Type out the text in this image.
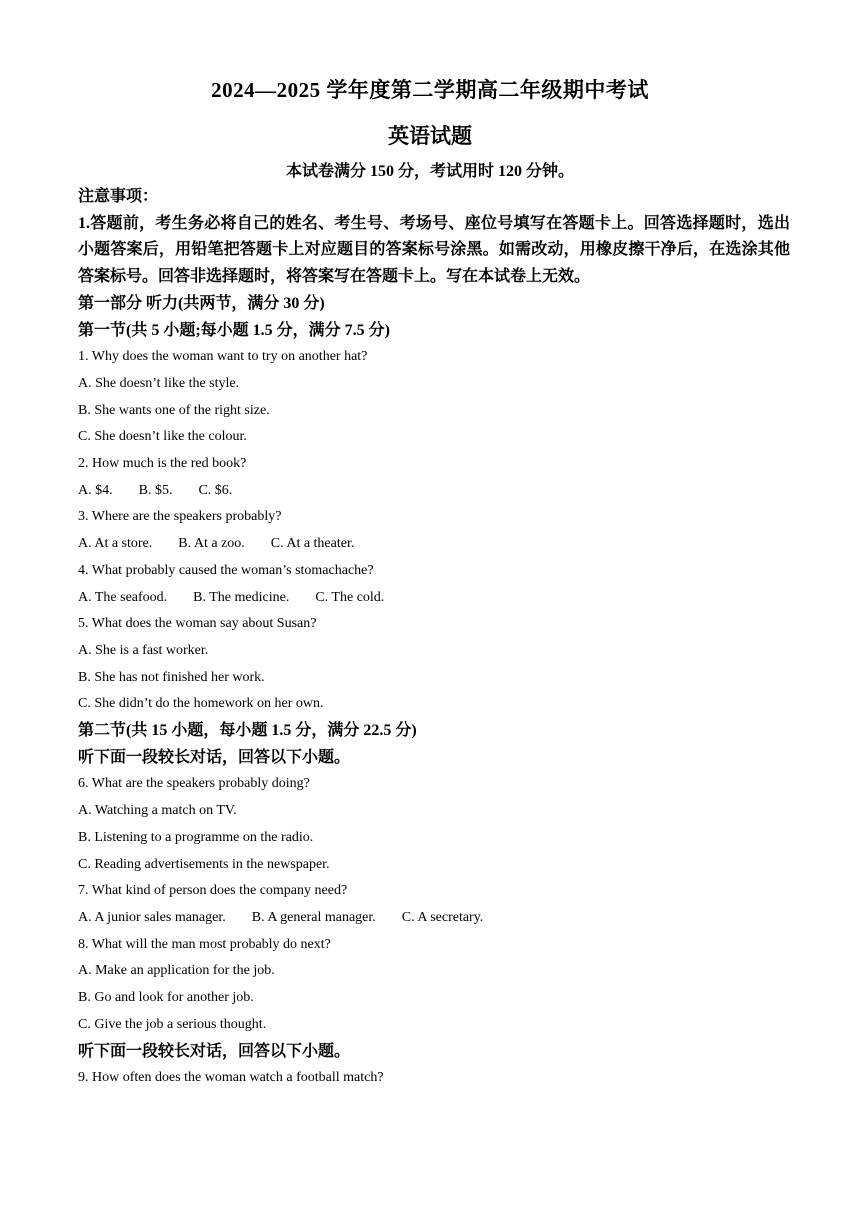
2024—2025 学年度第二学期高二年级期中考试
英语试题
本试卷满分 150 分，考试用时 120 分钟。
注意事项：
1.答题前，考生务必将自己的姓名、考生号、考场号、座位号填写在答题卡上。回答选择题时，选出小题答案后，用铅笔把答题卡上对应题目的答案标号涂黑。如需改动，用橡皮擦干净后，在选涂其他答案标号。回答非选择题时，将答案写在答题卡上。写在本试卷上无效。
第一部分 听力(共两节，满分 30 分)
第一节(共 5 小题;每小题 1.5 分，满分 7.5 分)
1. Why does the woman want to try on another hat?
A. She doesn’t like the style.
B. She wants one of the right size.
C. She doesn’t like the colour.
2. How much is the red book?
A. $4. B. $5. C. $6.
3. Where are the speakers probably?
A. At a store. B. At a zoo. C. At a theater.
4. What probably caused the woman’s stomachache?
A. The seafood. B. The medicine. C. The cold.
5. What does the woman say about Susan?
A. She is a fast worker.
B. She has not finished her work.
C. She didn’t do the homework on her own.
第二节(共 15 小题，每小题 1.5 分，满分 22.5 分)
听下面一段较长对话，回答以下小题。
6. What are the speakers probably doing?
A. Watching a match on TV.
B. Listening to a programme on the radio.
C. Reading advertisements in the newspaper.
7. What kind of person does the company need?
A. A junior sales manager. B. A general manager. C. A secretary.
8. What will the man most probably do next?
A. Make an application for the job.
B. Go and look for another job.
C. Give the job a serious thought.
听下面一段较长对话，回答以下小题。
9. How often does the woman watch a football match?
